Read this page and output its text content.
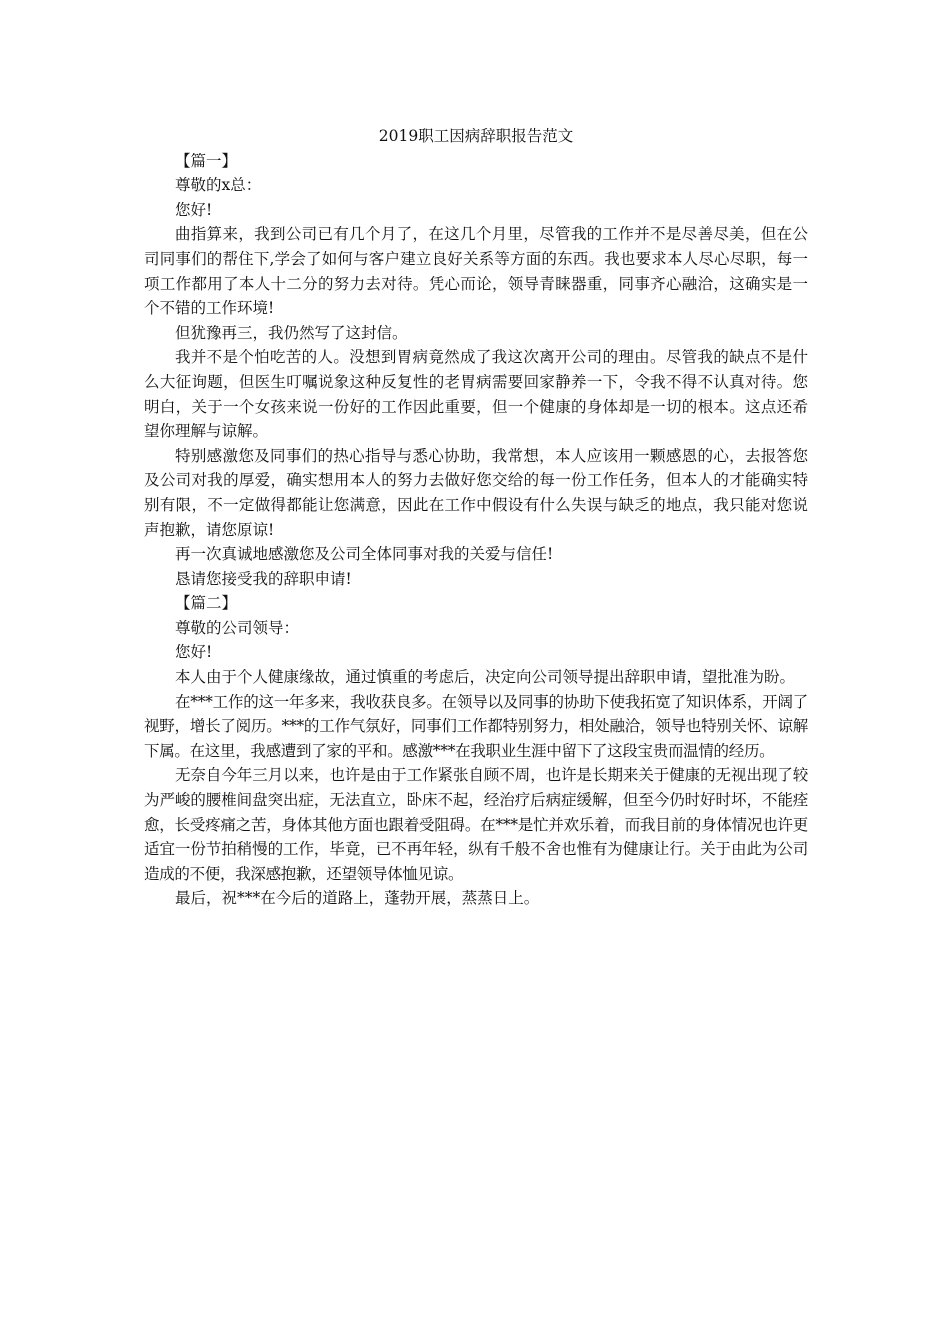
2019职工因病辞职报告范文

【篇一】

尊敬的x总：

您好!

曲指算来，我到公司已有几个月了，在这几个月里，尽管我的工作并不是尽善尽美，但在公司同事们的帮住下,学会了如何与客户建立良好关系等方面的东西。我也要求本人尽心尽职，每一项工作都用了本人十二分的努力去对待。凭心而论，领导青睐器重，同事齐心融洽，这确实是一个不错的工作环境!

但犹豫再三，我仍然写了这封信。

我并不是个怕吃苦的人。没想到胃病竟然成了我这次离开公司的理由。尽管我的缺点不是什么大征询题，但医生叮嘱说象这种反复性的老胃病需要回家静养一下，令我不得不认真对待。您明白，关于一个女孩来说一份好的工作因此重要，但一个健康的身体却是一切的根本。这点还希望你理解与谅解。

特别感激您及同事们的热心指导与悉心协助，我常想，本人应该用一颗感恩的心，去报答您及公司对我的厚爱，确实想用本人的努力去做好您交给的每一份工作任务，但本人的才能确实特别有限，不一定做得都能让您满意，因此在工作中假设有什么失误与缺乏的地点，我只能对您说声抱歉，请您原谅!

再一次真诚地感激您及公司全体同事对我的关爱与信任!

恳请您接受我的辞职申请!

【篇二】

尊敬的公司领导：

您好!

本人由于个人健康缘故，通过慎重的考虑后，决定向公司领导提出辞职申请，望批准为盼。

在***工作的这一年多来，我收获良多。在领导以及同事的协助下使我拓宽了知识体系，开阔了视野，增长了阅历。***的工作气氛好，同事们工作都特别努力，相处融洽，领导也特别关怀、谅解下属。在这里，我感遭到了家的平和。感激***在我职业生涯中留下了这段宝贵而温情的经历。

无奈自今年三月以来，也许是由于工作紧张自顾不周，也许是长期来关于健康的无视出现了较为严峻的腰椎间盘突出症，无法直立，卧床不起，经治疗后病症缓解，但至今仍时好时坏，不能痊愈，长受疼痛之苦，身体其他方面也跟着受阻碍。在***是忙并欢乐着，而我目前的身体情况也许更适宜一份节拍稍慢的工作，毕竟，已不再年轻，纵有千般不舍也惟有为健康让行。关于由此为公司造成的不便，我深感抱歉，还望领导体恤见谅。

最后，祝***在今后的道路上，蓬勃开展，蒸蒸日上。
